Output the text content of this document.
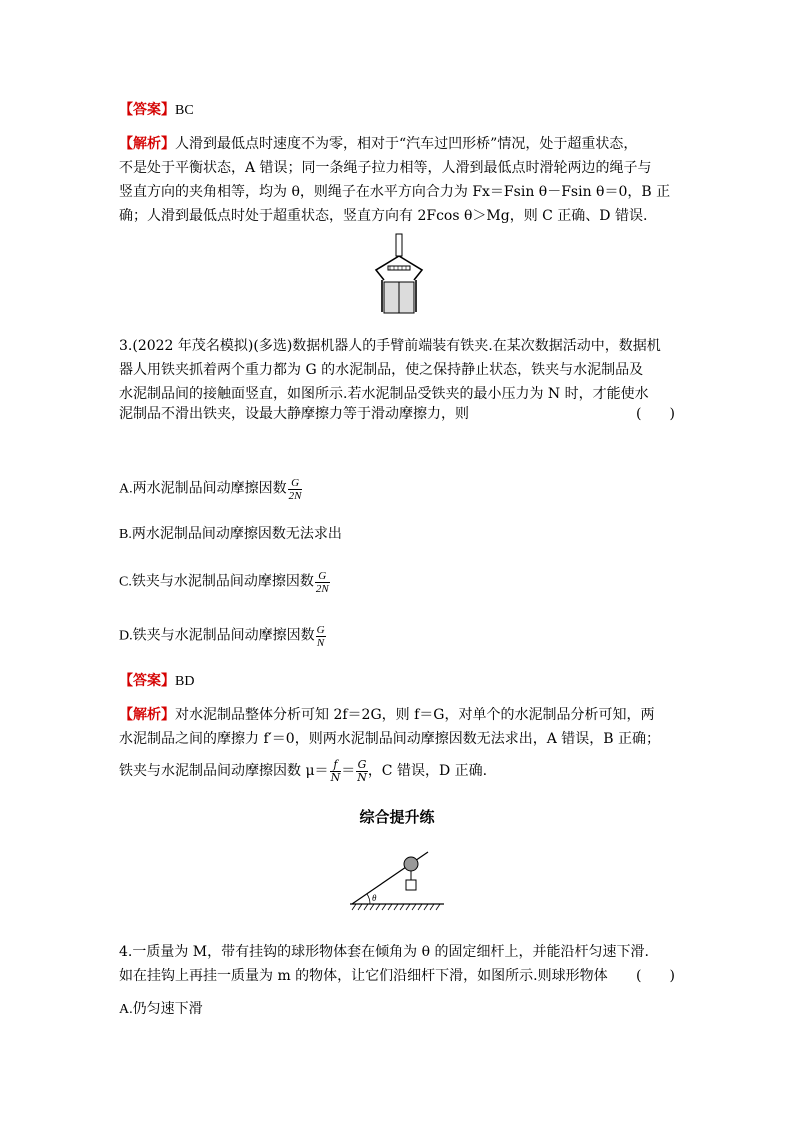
【答案】BC
【解析】人滑到最低点时速度不为零，相对于“汽车过凹形桥”情况，处于超重状态，
不是处于平衡状态，A 错误；同一条绳子拉力相等，人滑到最低点时滑轮两边的绳子与
竖直方向的夹角相等，均为 θ，则绳子在水平方向合力为 Fx＝Fsin θ－Fsin θ＝0，B 正
确；人滑到最低点时处于超重状态，竖直方向有 2Fcos θ＞Mg，则 C 正确、D 错误.
3.(2022 年茂名模拟)(多选)数据机器人的手臂前端装有铁夹.在某次数据活动中，数据机
器人用铁夹抓着两个重力都为 G 的水泥制品，使之保持静止状态，铁夹与水泥制品及
水泥制品间的接触面竖直，如图所示.若水泥制品受铁夹的最小压力为 N 时，才能使水
泥制品不滑出铁夹，设最大静摩擦力等于滑动摩擦力，则	(　　)
A.两水泥制品间动摩擦因数 $\frac{G}{2N}$
B.两水泥制品间动摩擦因数无法求出
C.铁夹与水泥制品间动摩擦因数 $\frac{G}{2N}$
D.铁夹与水泥制品间动摩擦因数 $\frac{G}{N}$
【答案】BD
【解析】对水泥制品整体分析可知 2f＝2G，则 f＝G，对单个的水泥制品分析可知，两
水泥制品之间的摩擦力 f′＝0，则两水泥制品间动摩擦因数无法求出，A 错误，B 正确；
铁夹与水泥制品间动摩擦因数 $\mu= \frac{f}{N} = \frac{G}{N}$ ，C 错误，D 正确.
综合提升练
θ
4.一质量为 M，带有挂钩的球形物体套在倾角为 θ 的固定细杆上，并能沿杆匀速下滑.
如在挂钩上再挂一质量为 m 的物体，让它们沿细杆下滑，如图所示.则球形物体 (　　)
A.仍匀速下滑
